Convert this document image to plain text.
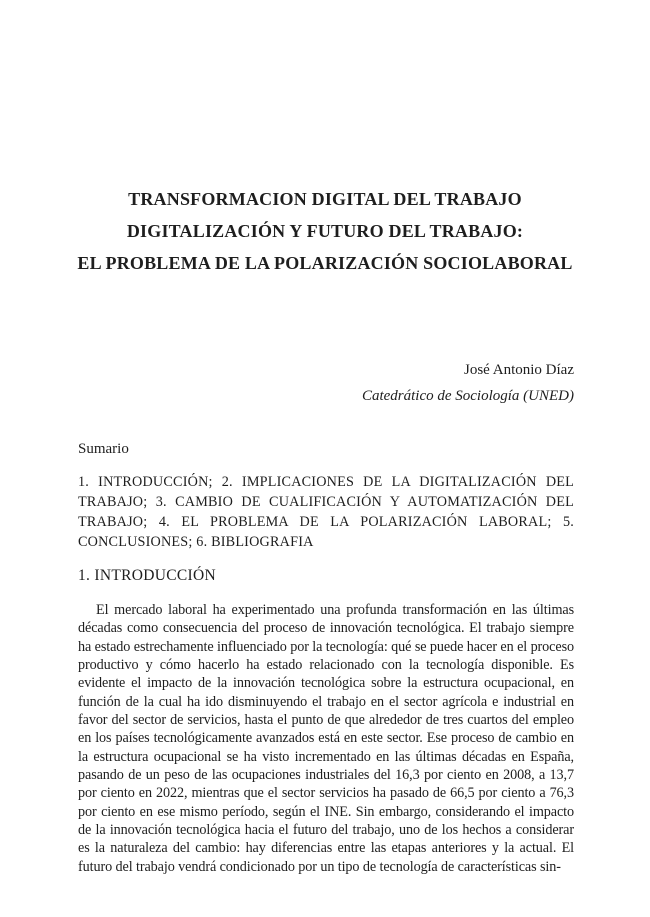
TRANSFORMACION DIGITAL DEL TRABAJO
DIGITALIZACIÓN Y FUTURO DEL TRABAJO:
EL PROBLEMA DE LA POLARIZACIÓN SOCIOLABORAL
José Antonio Díaz
Catedrático de Sociología (UNED)
Sumario
1. INTRODUCCIÓN; 2. IMPLICACIONES DE LA DIGITALIZACIÓN DEL TRABAJO; 3. CAMBIO DE CUALIFICACIÓN Y AUTOMATIZACIÓN DEL TRABAJO; 4. EL PROBLEMA DE LA POLARIZACIÓN LABORAL; 5. CONCLUSIONES; 6. BIBLIOGRAFIA
1. INTRODUCCIÓN

El mercado laboral ha experimentado una profunda transformación en las últimas décadas como consecuencia del proceso de innovación tecnológica. El trabajo siempre ha estado estrechamente influenciado por la tecnología: qué se puede hacer en el proceso productivo y cómo hacerlo ha estado relacionado con la tecnología disponible. Es evidente el impacto de la innovación tecnológica sobre la estructura ocupacional, en función de la cual ha ido disminuyendo el trabajo en el sector agrícola e industrial en favor del sector de servicios, hasta el punto de que alrededor de tres cuartos del empleo en los países tecnológicamente avanzados está en este sector. Ese proceso de cambio en la estructura ocupacional se ha visto incrementado en las últimas décadas en España, pasando de un peso de las ocupaciones industriales del 16,3 por ciento en 2008, a 13,7 por ciento en 2022, mientras que el sector servicios ha pasado de 66,5 por ciento a 76,3 por ciento en ese mismo período, según el INE. Sin embargo, considerando el impacto de la innovación tecnológica hacia el futuro del trabajo, uno de los hechos a considerar es la naturaleza del cambio: hay diferencias entre las etapas anteriores y la actual. El futuro del trabajo vendrá condicionado por un tipo de tecnología de características sin-
